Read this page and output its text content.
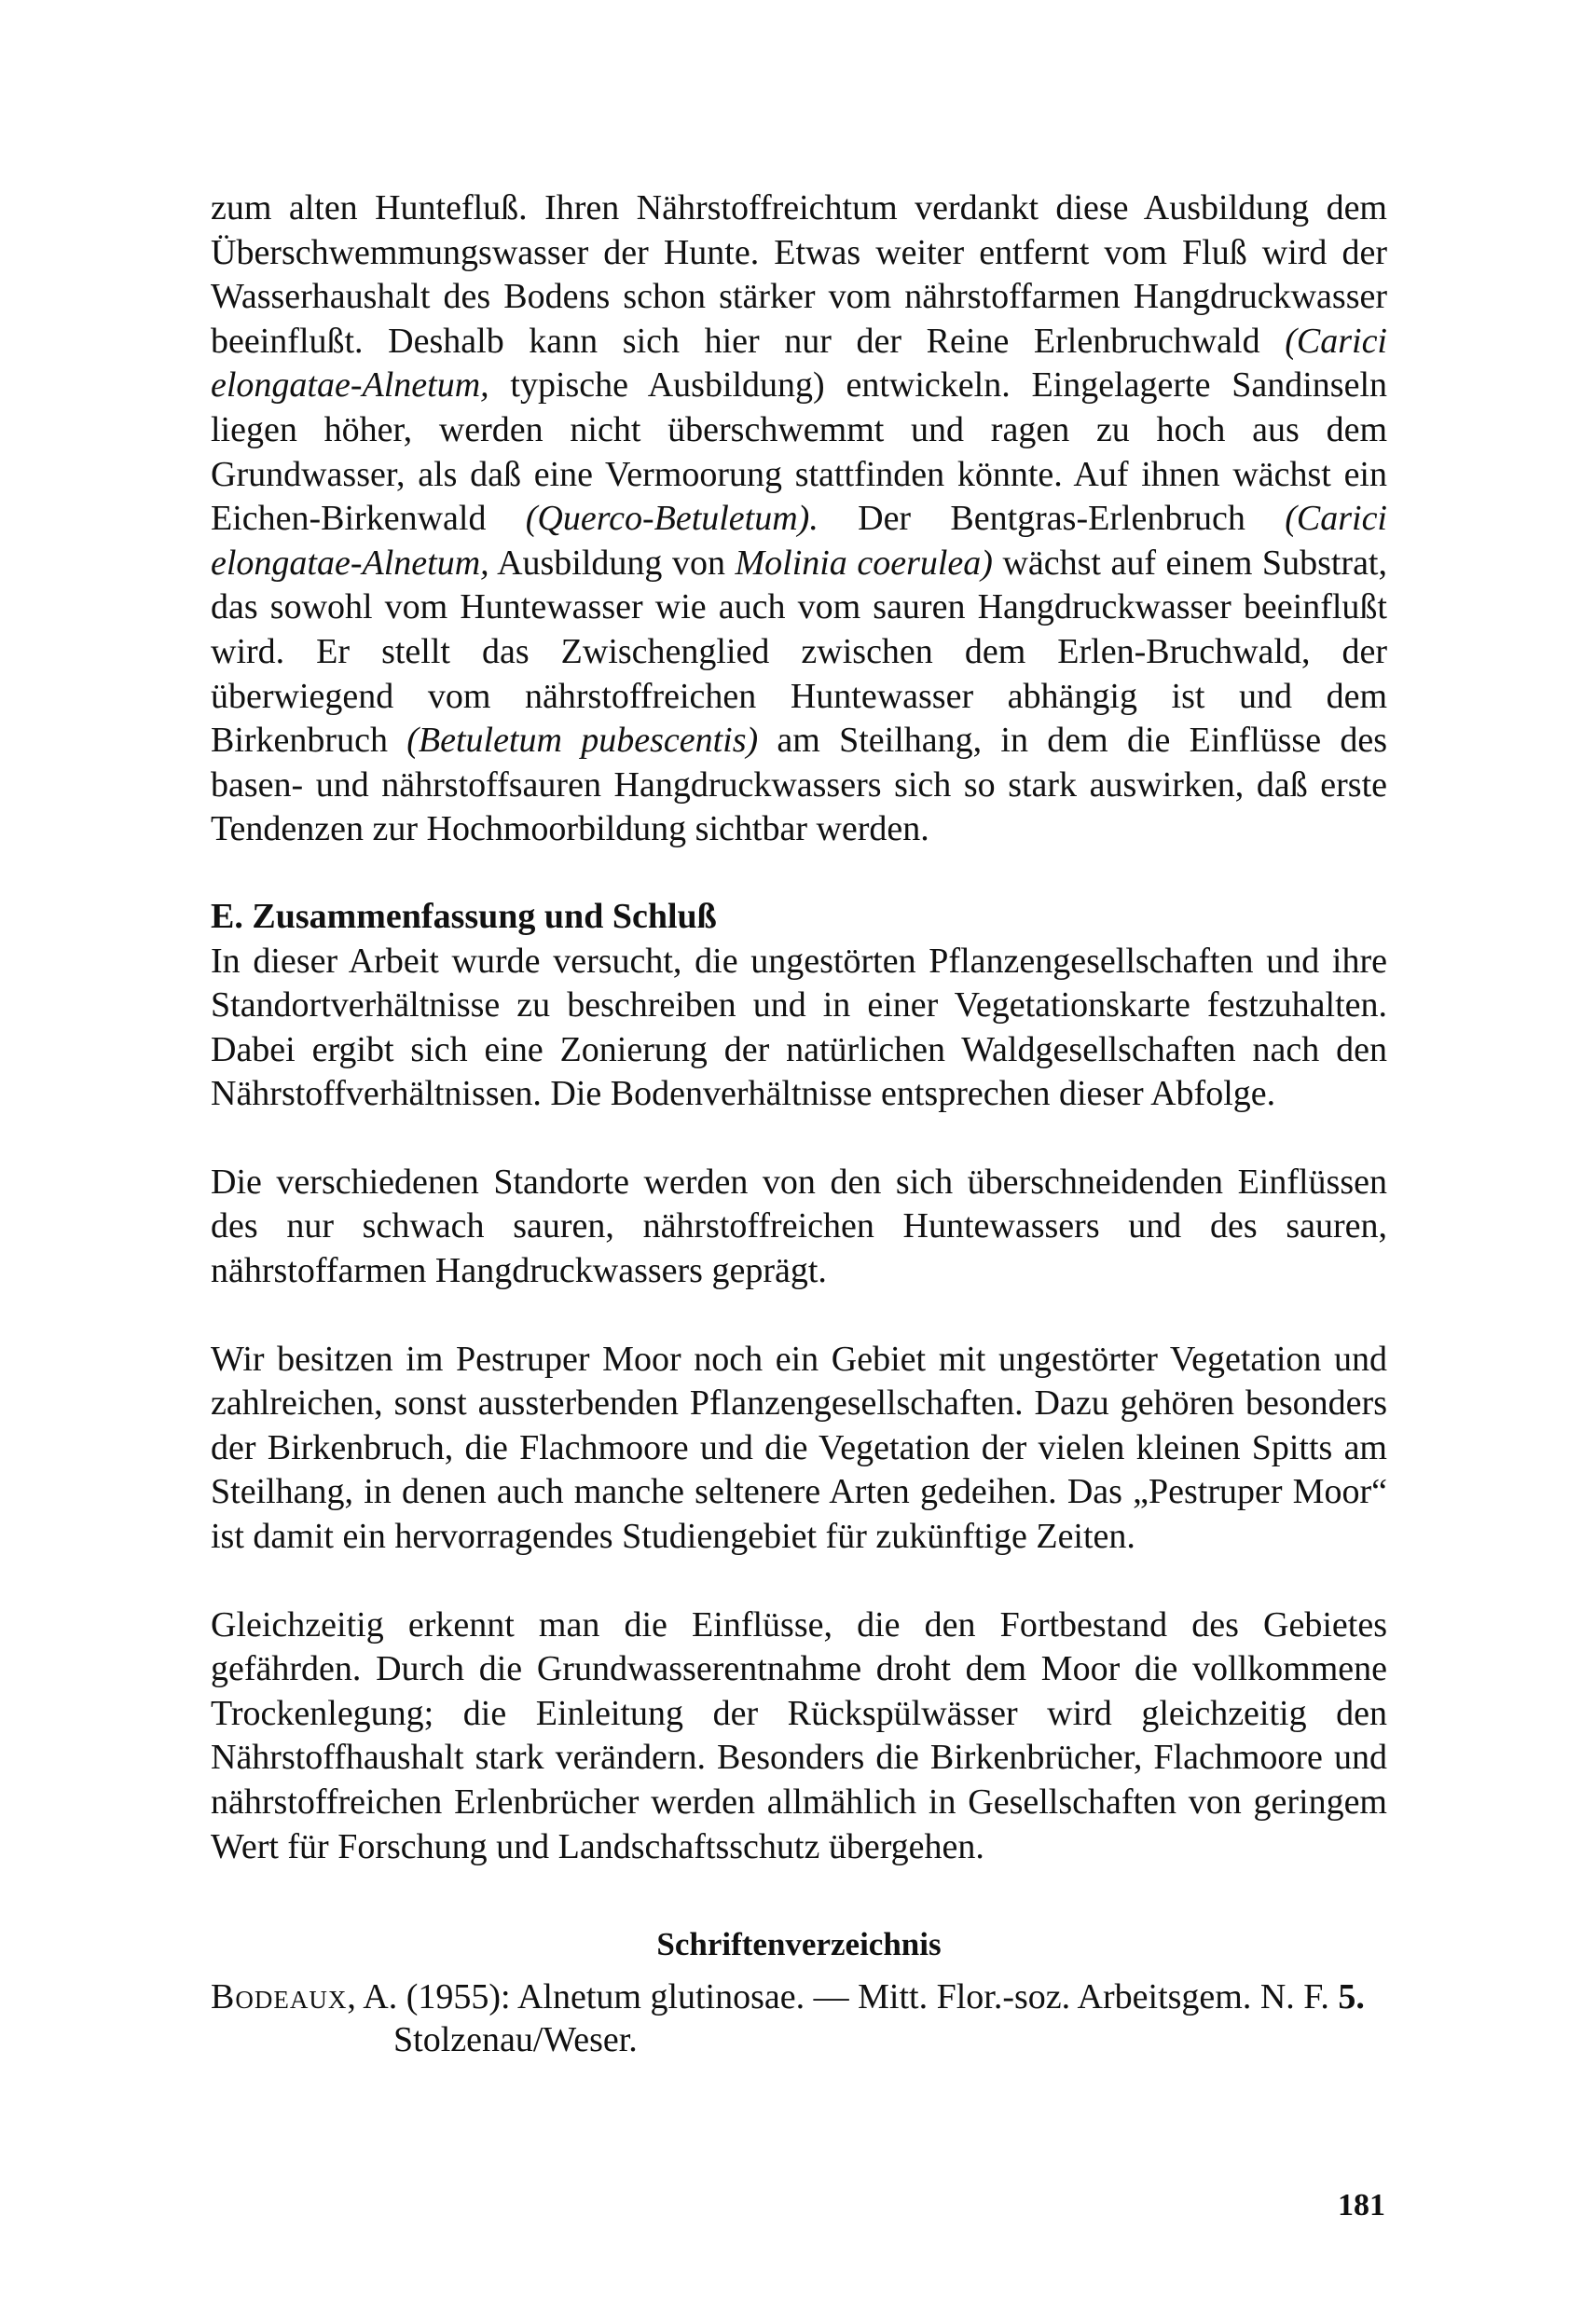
zum alten Huntefluß. Ihren Nährstoffreichtum verdankt diese Ausbildung dem Überschwemmungswasser der Hunte. Etwas weiter entfernt vom Fluß wird der Wasserhaushalt des Bodens schon stärker vom nährstoffarmen Hangdruckwasser beeinflußt. Deshalb kann sich hier nur der Reine Erlenbruchwald (Carici elongatae-Alnetum, typische Ausbildung) entwickeln. Eingelagerte Sandinseln liegen höher, werden nicht überschwemmt und ragen zu hoch aus dem Grundwasser, als daß eine Vermoorung stattfinden könnte. Auf ihnen wächst ein Eichen-Birkenwald (Querco-Betuletum). Der Bentgras-Erlenbruch (Carici elongatae-Alnetum, Ausbildung von Molinia coerulea) wächst auf einem Substrat, das sowohl vom Huntewasser wie auch vom sauren Hangdruckwasser beeinflußt wird. Er stellt das Zwischenglied zwischen dem Erlen-Bruchwald, der überwiegend vom nährstoffreichen Huntewasser abhängig ist und dem Birkenbruch (Betuletum pubescentis) am Steilhang, in dem die Einflüsse des basen- und nährstoffsauren Hangdruckwassers sich so stark auswirken, daß erste Tendenzen zur Hochmoorbildung sichtbar werden.

E. Zusammenfassung und Schluß

In dieser Arbeit wurde versucht, die ungestörten Pflanzengesellschaften und ihre Standortverhältnisse zu beschreiben und in einer Vegetationskarte festzuhalten. Dabei ergibt sich eine Zonierung der natürlichen Waldgesellschaften nach den Nährstoffverhältnissen. Die Bodenverhältnisse entsprechen dieser Abfolge.

Die verschiedenen Standorte werden von den sich überschneidenden Einflüssen des nur schwach sauren, nährstoffreichen Huntewassers und des sauren, nährstoffarmen Hangdruckwassers geprägt.

Wir besitzen im Pestruper Moor noch ein Gebiet mit ungestörter Vegetation und zahlreichen, sonst aussterbenden Pflanzengesellschaften. Dazu gehören besonders der Birkenbruch, die Flachmoore und die Vegetation der vielen kleinen Spitts am Steilhang, in denen auch manche seltenere Arten gedeihen. Das „Pestruper Moor“ ist damit ein hervorragendes Studiengebiet für zukünftige Zeiten.

Gleichzeitig erkennt man die Einflüsse, die den Fortbestand des Gebietes gefährden. Durch die Grundwasserentnahme droht dem Moor die vollkommene Trockenlegung; die Einleitung der Rückspülwässer wird gleichzeitig den Nährstoffhaushalt stark verändern. Besonders die Birkenbrücher, Flachmoore und nährstoffreichen Erlenbrücher werden allmählich in Gesellschaften von geringem Wert für Forschung und Landschaftsschutz übergehen.

Schriftenverzeichnis

Bodeaux, A. (1955): Alnetum glutinosae. — Mitt. Flor.-soz. Arbeitsgem. N. F. 5. Stolzenau/Weser.

181
